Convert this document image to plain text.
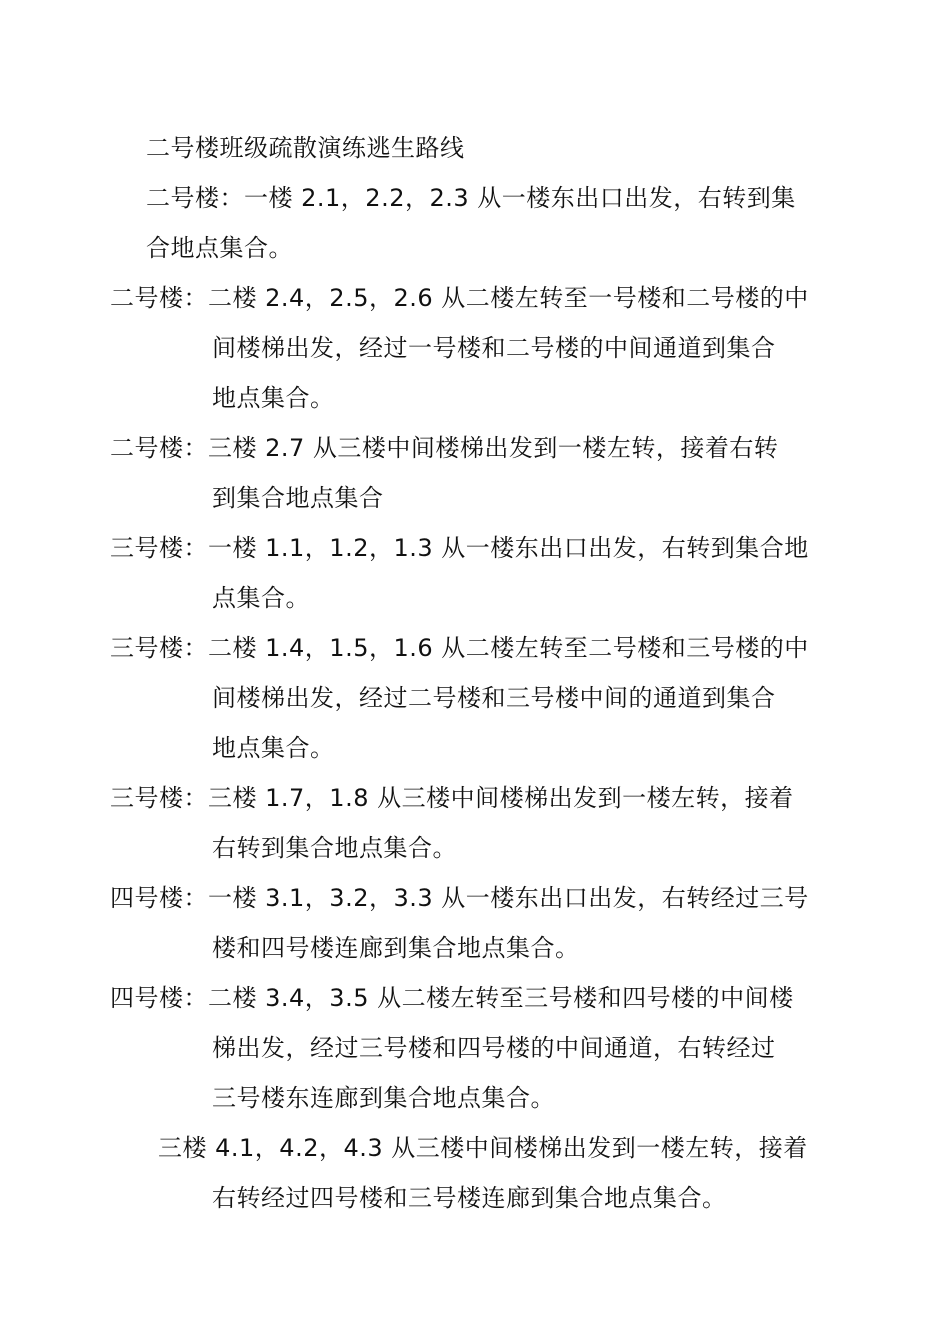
二号楼班级疏散演练逃生路线
二号楼：一楼 2.1，2.2，2.3 从一楼东出口出发，右转到集
合地点集合。
二号楼：二楼 2.4，2.5，2.6 从二楼左转至一号楼和二号楼的中
间楼梯出发，经过一号楼和二号楼的中间通道到集合
地点集合。
二号楼：三楼 2.7 从三楼中间楼梯出发到一楼左转，接着右转
到集合地点集合
三号楼：一楼 1.1，1.2，1.3 从一楼东出口出发，右转到集合地
点集合。
三号楼：二楼 1.4，1.5，1.6 从二楼左转至二号楼和三号楼的中
间楼梯出发，经过二号楼和三号楼中间的通道到集合
地点集合。
三号楼：三楼 1.7，1.8 从三楼中间楼梯出发到一楼左转，接着
右转到集合地点集合。
四号楼：一楼 3.1，3.2，3.3 从一楼东出口出发，右转经过三号
楼和四号楼连廊到集合地点集合。
四号楼：二楼 3.4，3.5 从二楼左转至三号楼和四号楼的中间楼
梯出发，经过三号楼和四号楼的中间通道，右转经过
三号楼东连廊到集合地点集合。
三楼 4.1，4.2，4.3 从三楼中间楼梯出发到一楼左转，接着
右转经过四号楼和三号楼连廊到集合地点集合。
